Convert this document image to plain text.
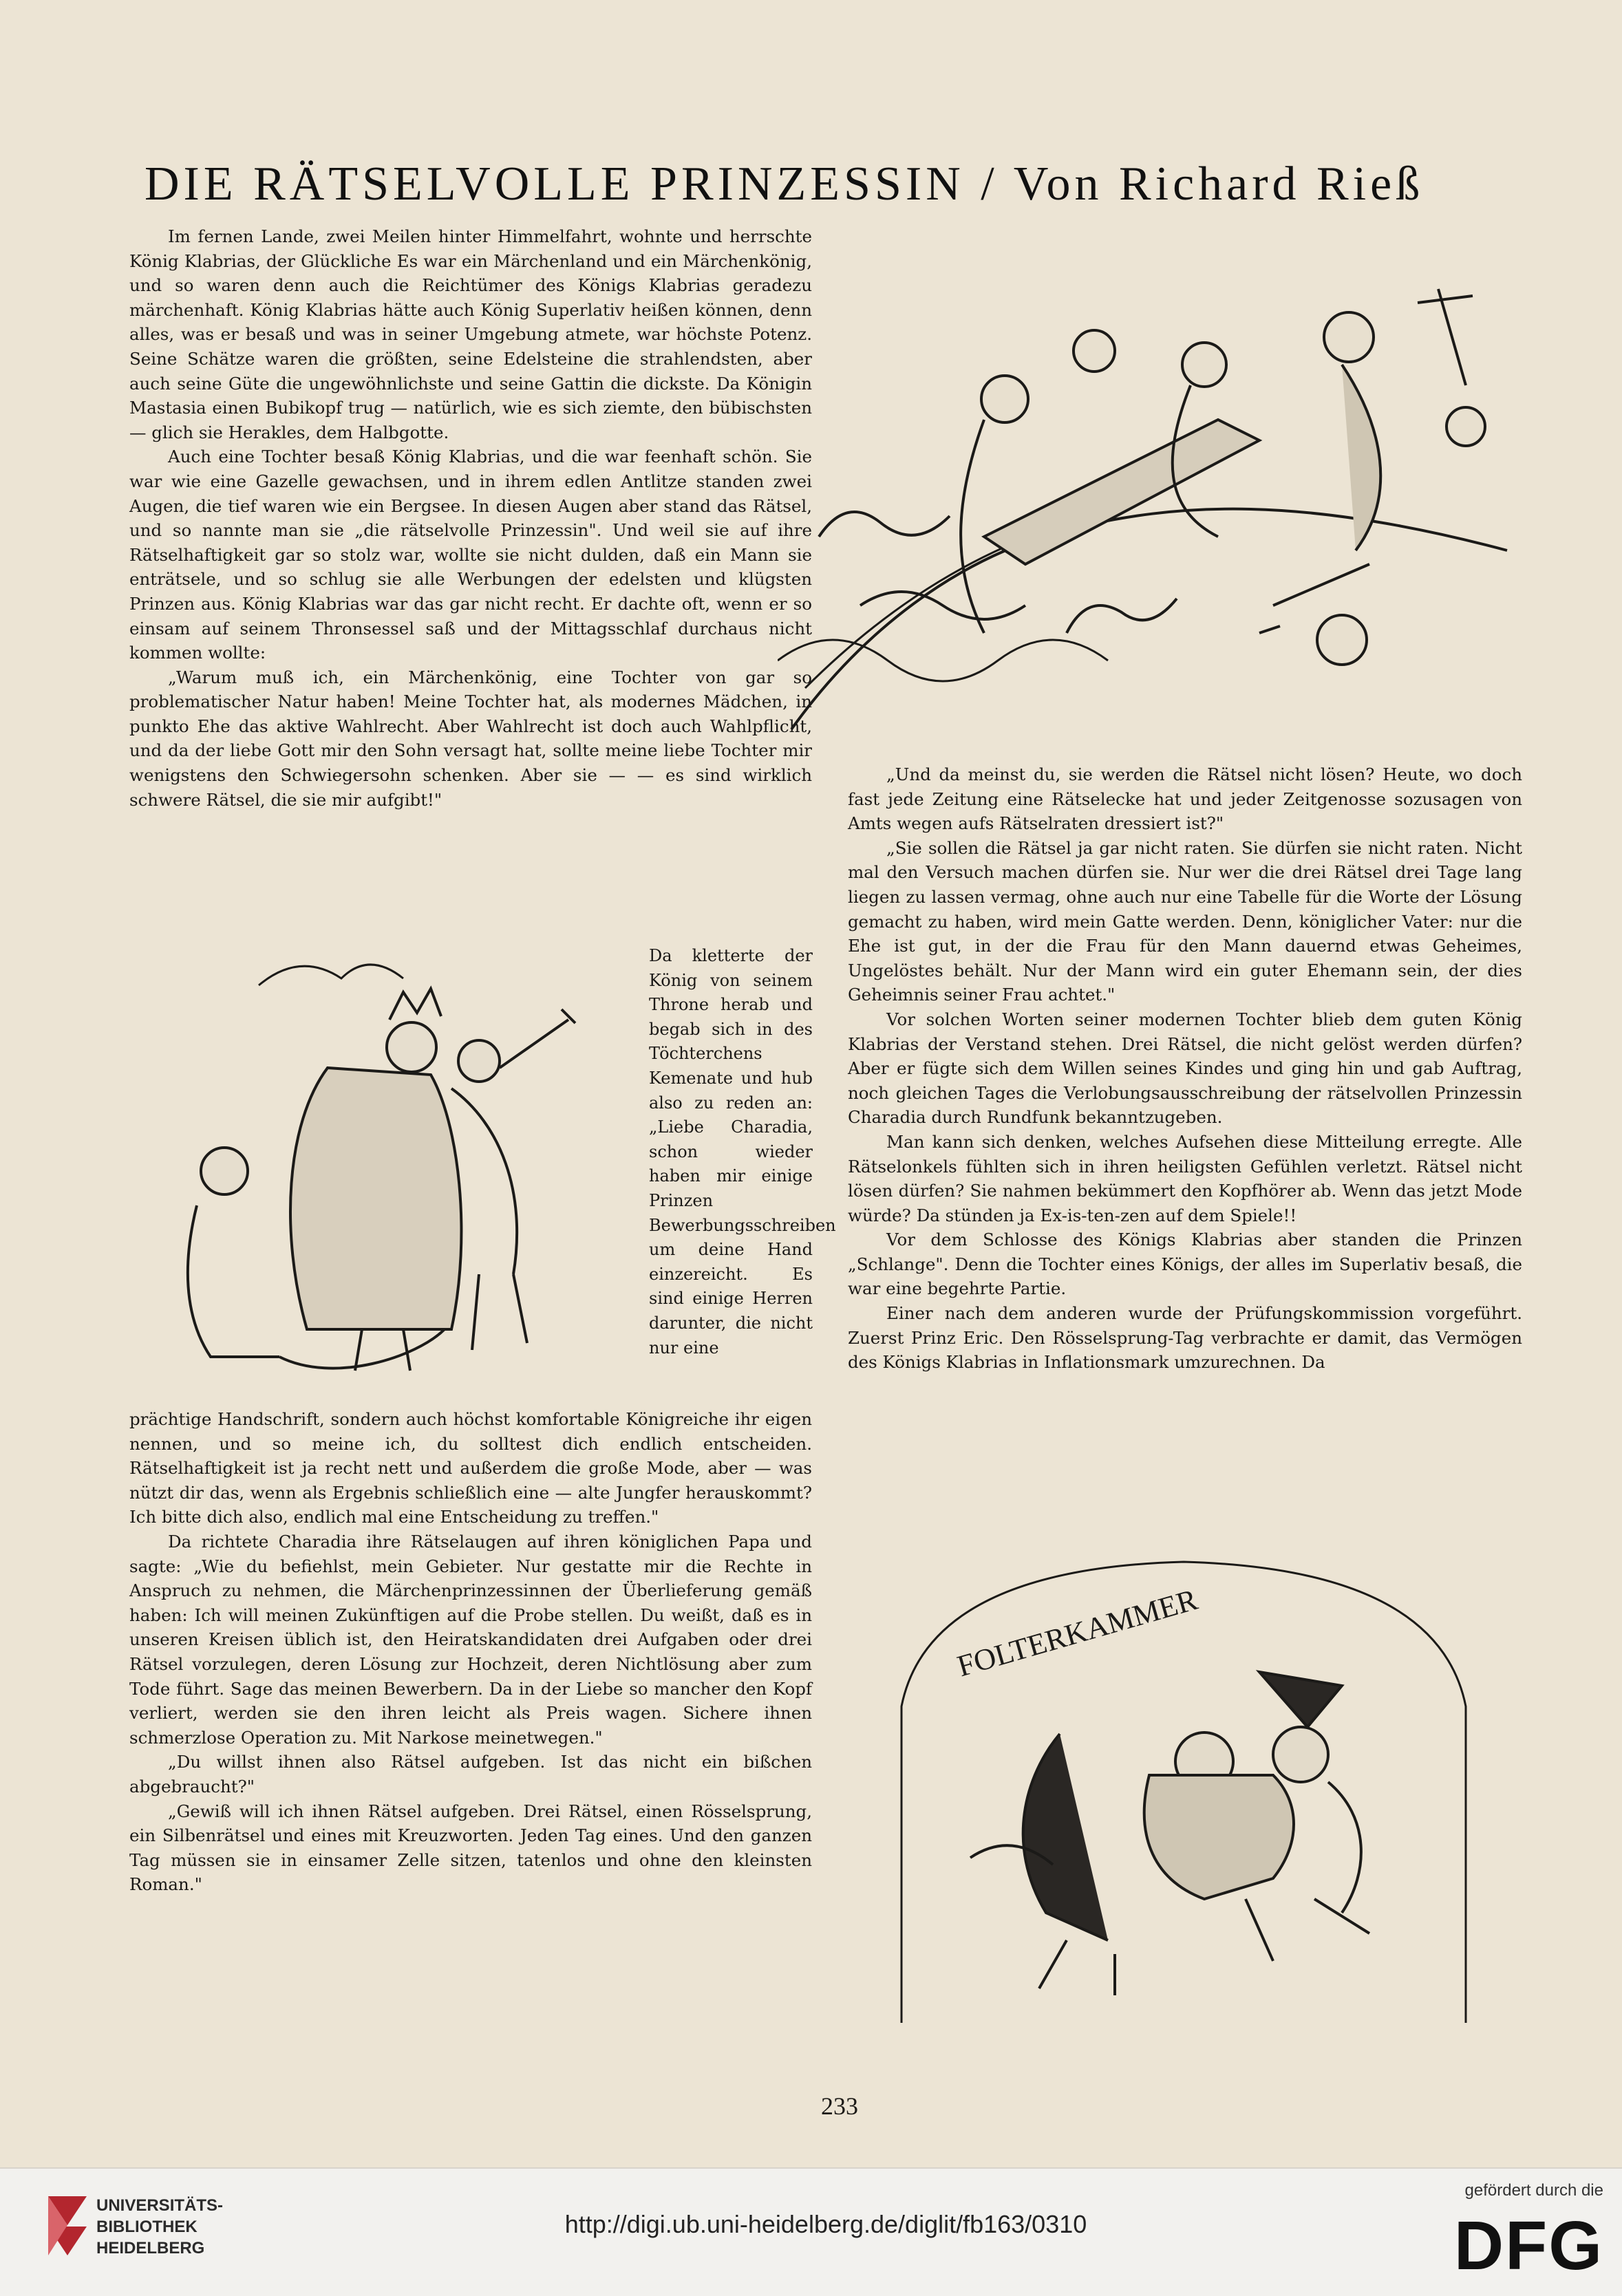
DIE RÄTSELVOLLE PRINZESSIN / Von Richard Rieß

Im fernen Lande, zwei Meilen hinter Himmelfahrt, wohnte und herrschte König Klabrias, der Glückliche Es war ein Märchenland und ein Märchenkönig, und so waren denn auch die Reichtümer des Königs Klabrias geradezu märchenhaft. König Klabrias hätte auch König Superlativ heißen können, denn alles, was er besaß und was in seiner Umgebung atmete, war höchste Potenz. Seine Schätze waren die größten, seine Edelsteine die strahlendsten, aber auch seine Güte die ungewöhnlichste und seine Gattin die dickste. Da Königin Mastasia einen Bubikopf trug — natürlich, wie es sich ziemte, den bübischsten — glich sie Herakles, dem Halbgotte.

Auch eine Tochter besaß König Klabrias, und die war feenhaft schön. Sie war wie eine Gazelle gewachsen, und in ihrem edlen Antlitze standen zwei Augen, die tief waren wie ein Bergsee. In diesen Augen aber stand das Rätsel, und so nannte man sie „die rätselvolle Prinzessin". Und weil sie auf ihre Rätselhaftigkeit gar so stolz war, wollte sie nicht dulden, daß ein Mann sie enträtsele, und so schlug sie alle Werbungen der edelsten und klügsten Prinzen aus. König Klabrias war das gar nicht recht. Er dachte oft, wenn er so einsam auf seinem Thronsessel saß und der Mittagsschlaf durchaus nicht kommen wollte:

„Warum muß ich, ein Märchenkönig, eine Tochter von gar so problematischer Natur haben! Meine Tochter hat, als modernes Mädchen, in punkto Ehe das aktive Wahlrecht. Aber Wahlrecht ist doch auch Wahlpflicht, und da der liebe Gott mir den Sohn versagt hat, sollte meine liebe Tochter mir wenigstens den Schwiegersohn schenken. Aber sie — — es sind wirklich schwere Rätsel, die sie mir aufgibt!"

Da kletterte der König von seinem Throne herab und begab sich in des Töchterchens Kemenate und hub also zu reden an: „Liebe Charadia, schon wieder haben mir einige Prinzen Bewerbungsschreiben um deine Hand einzereicht. Es sind einige Herren darunter, die nicht nur eine

prächtige Handschrift, sondern auch höchst komfortable Königreiche ihr eigen nennen, und so meine ich, du solltest dich endlich entscheiden. Rätselhaftigkeit ist ja recht nett und außerdem die große Mode, aber — was nützt dir das, wenn als Ergebnis schließlich eine — alte Jungfer herauskommt? Ich bitte dich also, endlich mal eine Entscheidung zu treffen."

Da richtete Charadia ihre Rätselaugen auf ihren königlichen Papa und sagte: „Wie du befiehlst, mein Gebieter. Nur gestatte mir die Rechte in Anspruch zu nehmen, die Märchenprinzessinnen der Überlieferung gemäß haben: Ich will meinen Zukünftigen auf die Probe stellen. Du weißt, daß es in unseren Kreisen üblich ist, den Heiratskandidaten drei Aufgaben oder drei Rätsel vorzulegen, deren Lösung zur Hochzeit, deren Nichtlösung aber zum Tode führt. Sage das meinen Bewerbern. Da in der Liebe so mancher den Kopf verliert, werden sie den ihren leicht als Preis wagen. Sichere ihnen schmerzlose Operation zu. Mit Narkose meinetwegen."

„Du willst ihnen also Rätsel aufgeben. Ist das nicht ein bißchen abgebraucht?"

„Gewiß will ich ihnen Rätsel aufgeben. Drei Rätsel, einen Rösselsprung, ein Silbenrätsel und eines mit Kreuzworten. Jeden Tag eines. Und den ganzen Tag müssen sie in einsamer Zelle sitzen, tatenlos und ohne den kleinsten Roman."

„Und da meinst du, sie werden die Rätsel nicht lösen? Heute, wo doch fast jede Zeitung eine Rätselecke hat und jeder Zeitgenosse sozusagen von Amts wegen aufs Rätselraten dressiert ist?"

„Sie sollen die Rätsel ja gar nicht raten. Sie dürfen sie nicht raten. Nicht mal den Versuch machen dürfen sie. Nur wer die drei Rätsel drei Tage lang liegen zu lassen vermag, ohne auch nur eine Tabelle für die Worte der Lösung gemacht zu haben, wird mein Gatte werden. Denn, königlicher Vater: nur die Ehe ist gut, in der die Frau für den Mann dauernd etwas Geheimes, Ungelöstes behält. Nur der Mann wird ein guter Ehemann sein, der dies Geheimnis seiner Frau achtet."

Vor solchen Worten seiner modernen Tochter blieb dem guten König Klabrias der Verstand stehen. Drei Rätsel, die nicht gelöst werden dürfen? Aber er fügte sich dem Willen seines Kindes und ging hin und gab Auftrag, noch gleichen Tages die Verlobungsausschreibung der rätselvollen Prinzessin Charadia durch Rundfunk bekanntzugeben.

Man kann sich denken, welches Aufsehen diese Mitteilung erregte. Alle Rätselonkels fühlten sich in ihren heiligsten Gefühlen verletzt. Rätsel nicht lösen dürfen? Sie nahmen bekümmert den Kopfhörer ab. Wenn das jetzt Mode würde? Da stünden ja Ex-is-ten-zen auf dem Spiele!!

Vor dem Schlosse des Königs Klabrias aber standen die Prinzen „Schlange". Denn die Tochter eines Königs, der alles im Superlativ besaß, die war eine begehrte Partie.

Einer nach dem anderen wurde der Prüfungskommission vorgeführt. Zuerst Prinz Eric. Den Rösselsprung-Tag verbrachte er damit, das Vermögen des Königs Klabrias in Inflationsmark umzurechnen. Da

FOLTERKAMMER
233
UNIVERSITÄTS-
BIBLIOTHEK
HEIDELBERG
http://digi.ub.uni-heidelberg.de/diglit/fb163/0310
gefördert durch die
DFG
